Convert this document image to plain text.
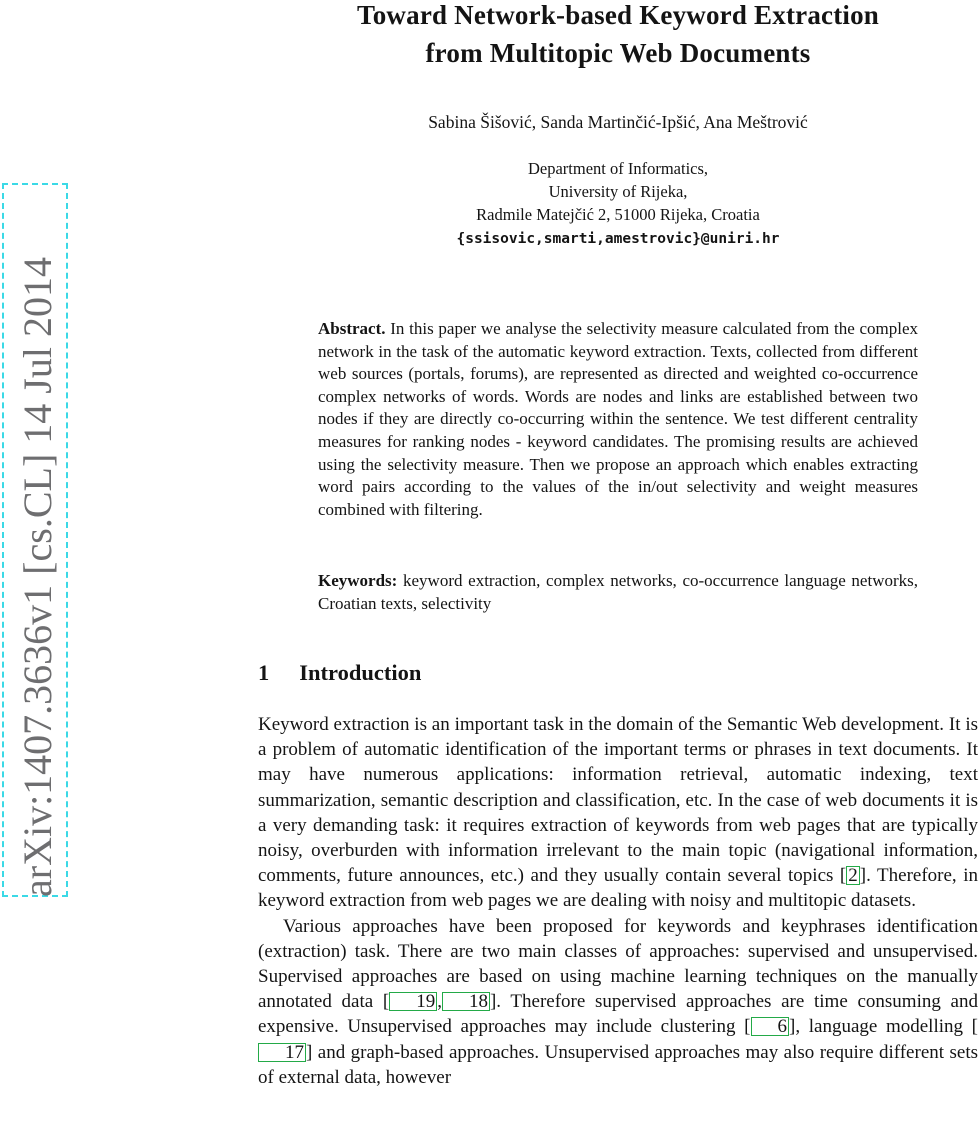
arXiv:1407.3636v1 [cs.CL] 14 Jul 2014
Toward Network-based Keyword Extraction
from Multitopic Web Documents
Sabina Šišović, Sanda Martinčić-Ipšić, Ana Meštrović
Department of Informatics,
University of Rijeka,
Radmile Matejčić 2, 51000 Rijeka, Croatia
{ssisovic,smarti,amestrovic}@uniri.hr
Abstract. In this paper we analyse the selectivity measure calculated from the complex network in the task of the automatic keyword extraction. Texts, collected from different web sources (portals, forums), are represented as directed and weighted co-occurrence complex networks of words. Words are nodes and links are established between two nodes if they are directly co-occurring within the sentence. We test different centrality measures for ranking nodes - keyword candidates. The promising results are achieved using the selectivity measure. Then we propose an approach which enables extracting word pairs according to the values of the in/out selectivity and weight measures combined with filtering.
Keywords: keyword extraction, complex networks, co-occurrence language networks, Croatian texts, selectivity
1 Introduction

Keyword extraction is an important task in the domain of the Semantic Web development. It is a problem of automatic identification of the important terms or phrases in text documents. It may have numerous applications: information retrieval, automatic indexing, text summarization, semantic description and classification, etc. In the case of web documents it is a very demanding task: it requires extraction of keywords from web pages that are typically noisy, overburden with information irrelevant to the main topic (navigational information, comments, future announces, etc.) and they usually contain several topics [ 2 ]. Therefore, in keyword extraction from web pages we are dealing with noisy and multitopic datasets.

Various approaches have been proposed for keywords and keyphrases identification (extraction) task. There are two main classes of approaches: supervised and unsupervised. Supervised approaches are based on using machine learning techniques on the manually annotated data [ 19 , 18 ]. Therefore supervised approaches are time consuming and expensive. Unsupervised approaches may include clustering [ 6 ], language modelling [17 ] and graph-based approaches. Unsupervised approaches may also require different sets of external data, however
